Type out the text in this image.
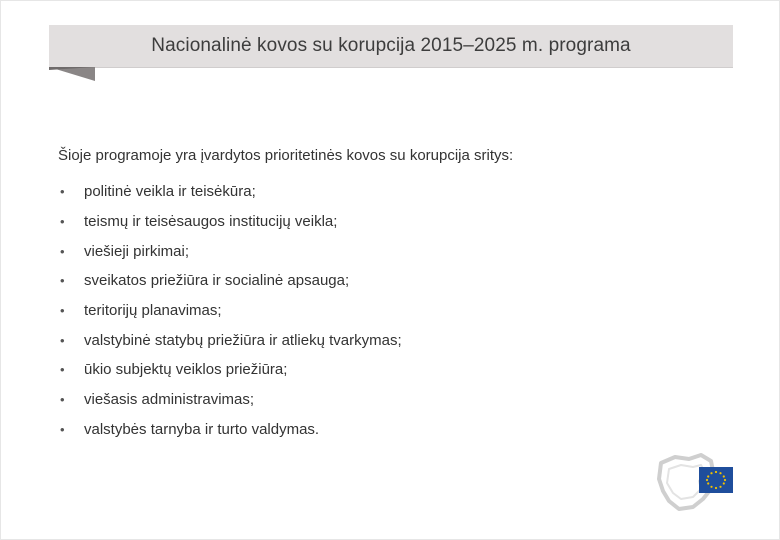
Nacionalinė kovos su korupcija 2015–2025 m. programa
Šioje programoje yra įvardytos prioritetinės kovos su korupcija sritys:
•	politinė veikla ir teisėkūra;
•	teismų ir teisėsaugos institucijų veikla;
•	viešieji pirkimai;
•	sveikatos priežiūra ir socialinė apsauga;
•	teritorijų planavimas;
•	valstybinė statybų priežiūra ir atliekų tvarkymas;
•	ūkio subjektų veiklos priežiūra;
•	viešasis administravimas;
•	valstybės tarnyba ir turto valdymas.
